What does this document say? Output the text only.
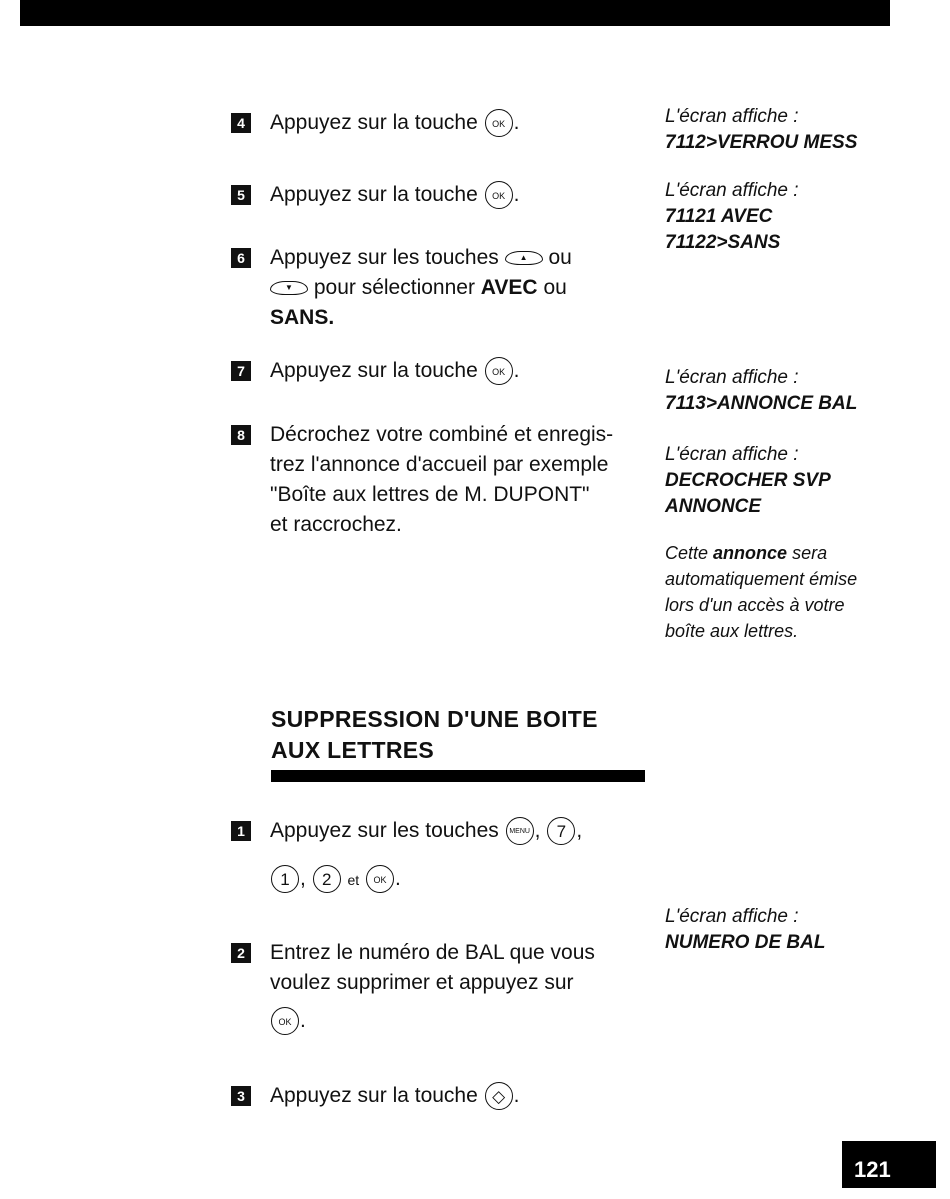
4 Appuyez sur la touche OK .
5 Appuyez sur la touche OK .
6 Appuyez sur les touches	▲ ou
▼ pour sélectionner AVEC ou
SANS.
7 Appuyez sur la touche OK .
8 Décrochez votre combiné et enregis-
trez l'annonce d'accueil par exemple
"Boîte aux lettres de M. DUPONT"
et raccrochez.
L'écran affiche :
7112>VERROU MESS
L'écran affiche :
71121 AVEC
71122>SANS
L'écran affiche :
7113>ANNONCE BAL
L'écran affiche :
DECROCHER SVP
ANNONCE
Cette annonce sera automatiquement émise lors d'un accès à votre boîte aux lettres.
SUPPRESSION D'UNE BOITE
AUX LETTRES
1 Appuyez sur les touches MENU , 7 ,
1 , 2 et OK .
2 Entrez le numéro de BAL que vous
voulez supprimer et appuyez sur
OK .
3 Appuyez sur la touche ◇ .
L'écran affiche :
NUMERO DE BAL
121
